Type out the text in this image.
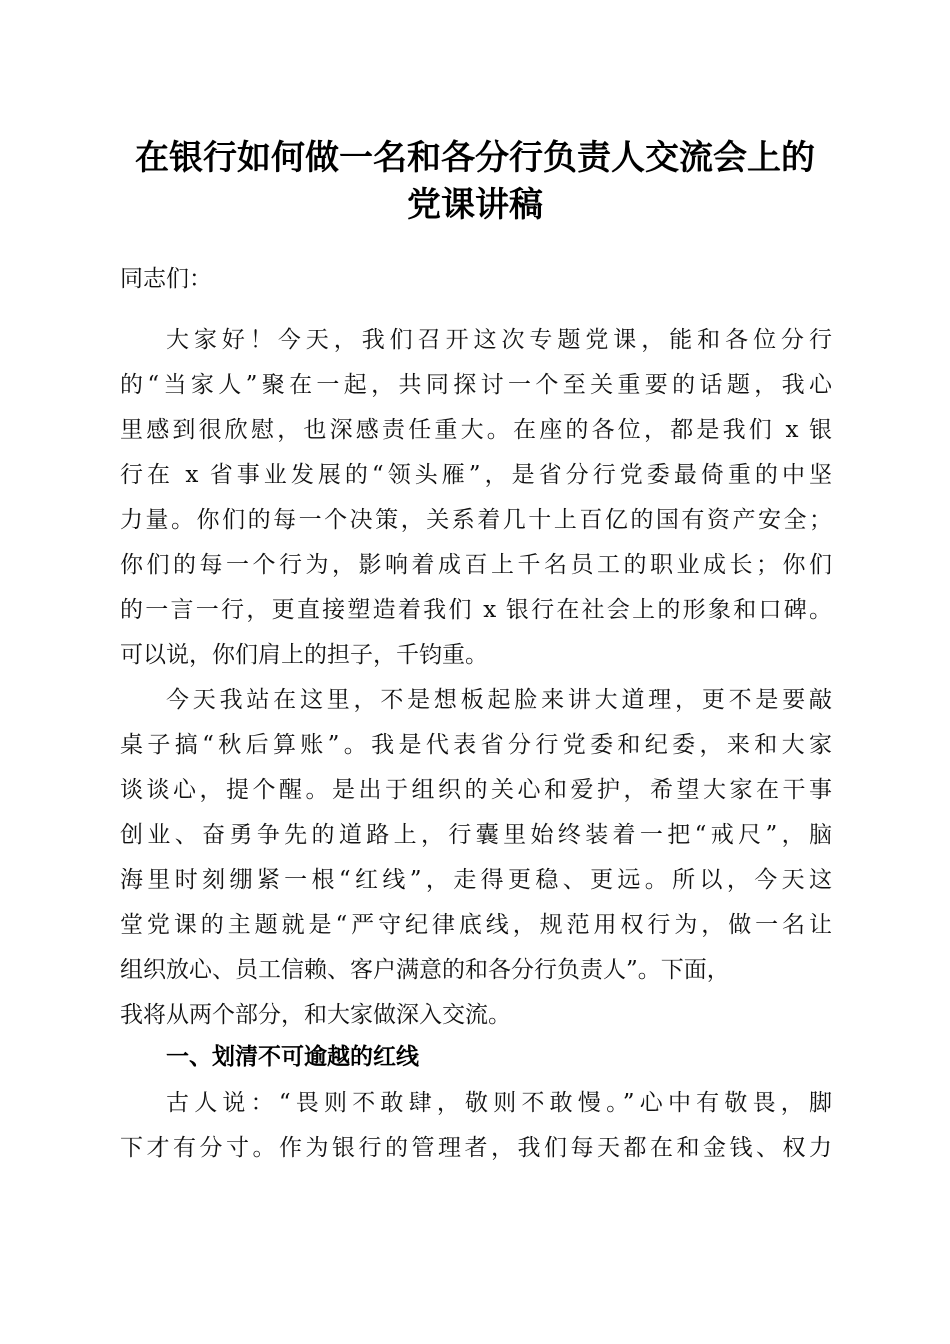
在银行如何做一名和各分行负责人交流会上的
党课讲稿

同志们：

大家好！今天，我们召开这次专题党课，能和各位分行
的“当家人”聚在一起，共同探讨一个至关重要的话题，我心
里感到很欣慰，也深感责任重大。在座的各位，都是我们 x 银
行在 x 省事业发展的“领头雁”，是省分行党委最倚重的中坚
力量。你们的每一个决策，关系着几十上百亿的国有资产安全；
你们的每一个行为，影响着成百上千名员工的职业成长；你们
的一言一行，更直接塑造着我们 x 银行在社会上的形象和口碑。
可以说，你们肩上的担子，千钧重。

今天我站在这里，不是想板起脸来讲大道理，更不是要敲
桌子搞“秋后算账”。我是代表省分行党委和纪委，来和大家
谈谈心，提个醒。是出于组织的关心和爱护，希望大家在干事
创业、奋勇争先的道路上，行囊里始终装着一把“戒尺”，脑
海里时刻绷紧一根“红线”，走得更稳、更远。所以，今天这
堂党课的主题就是“严守纪律底线，规范用权行为，做一名让
组织放心、员工信赖、客户满意的和各分行负责人”。下面，
我将从两个部分，和大家做深入交流。

一、划清不可逾越的红线

古人说：“畏则不敢肆，敬则不敢慢。”心中有敬畏，脚
下才有分寸。作为银行的管理者，我们每天都在和金钱、权力
